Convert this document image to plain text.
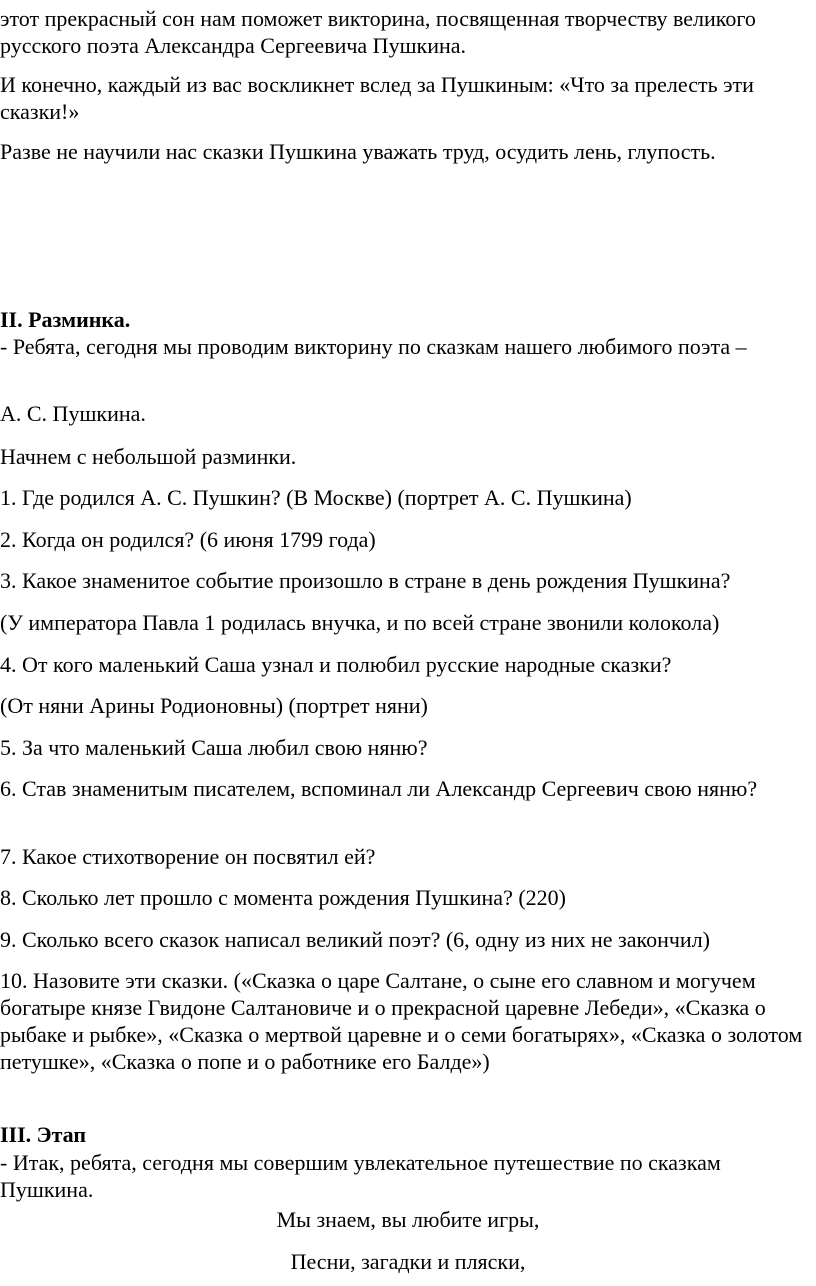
этот прекрасный сон нам поможет викторина, посвященная творчеству великого русского поэта Александра Сергеевича Пушкина.

И конечно, каждый из вас воскликнет вслед за Пушкиным: «Что за прелесть эти сказки!»

Разве не научили нас сказки Пушкина уважать труд, осудить лень, глупость.

II. Разминка.

- Ребята, сегодня мы проводим викторину по сказкам нашего любимого поэта –

А. С. Пушкина.

Начнем с небольшой разминки.

1. Где родился А. С. Пушкин? (В Москве) (портрет А. С. Пушкина)

2. Когда он родился? (6 июня 1799 года)

3. Какое знаменитое событие произошло в стране в день рождения Пушкина?

(У императора Павла 1 родилась внучка, и по всей стране звонили колокола)

4. От кого маленький Саша узнал и полюбил русские народные сказки?

(От няни Арины Родионовны) (портрет няни)

5. За что маленький Саша любил свою няню?

6. Став знаменитым писателем, вспоминал ли Александр Сергеевич свою няню?

7. Какое стихотворение он посвятил ей?

8. Сколько лет прошло с момента рождения Пушкина? (220)

9. Сколько всего сказок написал великий поэт? (6, одну из них не закончил)

10. Назовите эти сказки. («Сказка о царе Салтане, о сыне его славном и могучем богатыре князе Гвидоне Салтановиче и о прекрасной царевне Лебеди», «Сказка о рыбаке и рыбке», «Сказка о мертвой царевне и о семи богатырях», «Сказка о золотом петушке», «Сказка о попе и о работнике его Балде»)

III. Этап

- Итак, ребята, сегодня мы совершим увлекательное путешествие по сказкам Пушкина.

Мы знаем, вы любите игры,

Песни, загадки и пляски,
